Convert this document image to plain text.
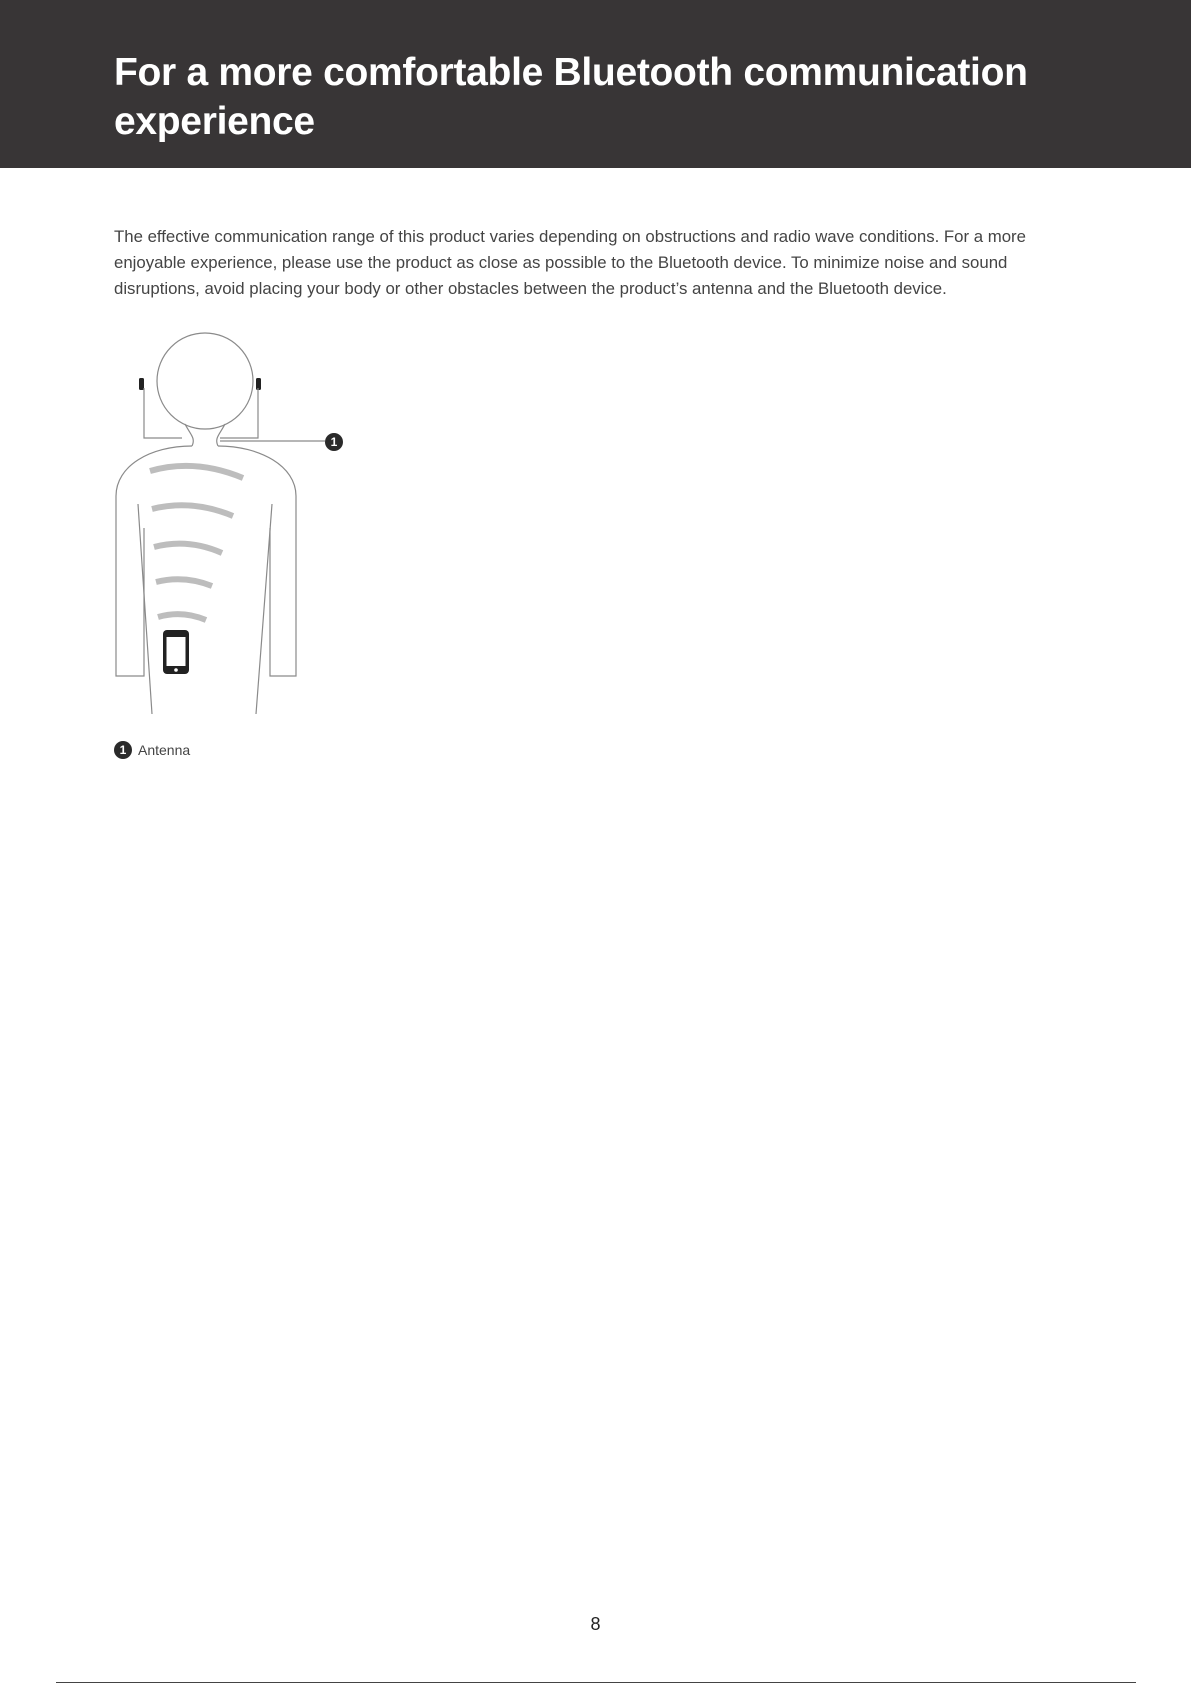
For a more comfortable Bluetooth communication experience

The effective communication range of this product varies depending on obstructions and radio wave conditions. For a more enjoyable experience, please use the product as close as possible to the Bluetooth device. To minimize noise and sound disruptions, avoid placing your body or other obstacles between the product’s antenna and the Bluetooth device.

1
1 Antenna
8
